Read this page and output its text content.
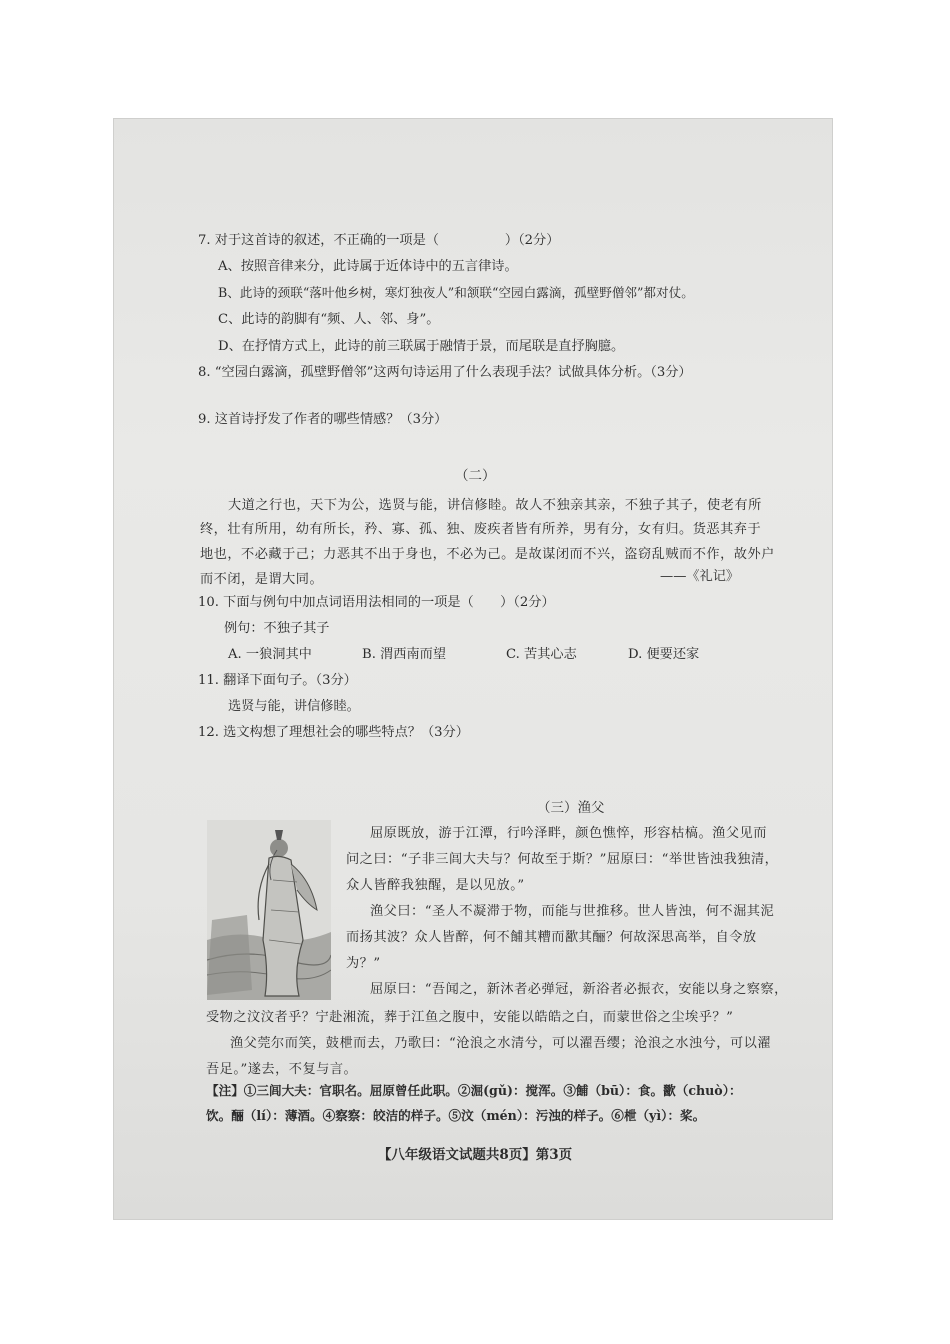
7. 对于这首诗的叙述，不正确的一项是（　　　　　）（2分）
A、按照音律来分，此诗属于近体诗中的五言律诗。
B、此诗的颈联“落叶他乡树，寒灯独夜人”和颔联“空园白露滴，孤壁野僧邻”都对仗。
C、此诗的韵脚有“频、人、邻、身”。
D、在抒情方式上，此诗的前三联属于融情于景，而尾联是直抒胸臆。
8. “空园白露滴，孤壁野僧邻”这两句诗运用了什么表现手法？试做具体分析。（3分）
9. 这首诗抒发了作者的哪些情感？（3分）
（二）
大道之行也，天下为公，选贤与能，讲信修睦。故人不独亲其亲，不独子其子，使老有所
终，壮有所用，幼有所长，矜、寡、孤、独、废疾者皆有所养，男有分，女有归。货恶其弃于
地也，不必藏于己；力恶其不出于身也，不必为己。是故谋闭而不兴，盗窃乱贼而不作，故外户
而不闭，是谓大同。	——《礼记》
10. 下面与例句中加点词语用法相同的一项是（　　）（2分）
例句：不独子其子
A. 一狼洞其中	B. 渭西南而望	C. 苦其心志	D. 便要还家
11. 翻译下面句子。（3分）
选贤与能，讲信修睦。
12. 选文构想了理想社会的哪些特点？（3分）
（三）渔父
屈原既放，游于江潭，行吟泽畔，颜色憔悴，形容枯槁。渔父见而
问之曰：“子非三闾大夫与？何故至于斯？”屈原曰：“举世皆浊我独清，
众人皆醉我独醒，是以见放。”
渔父曰：“圣人不凝滞于物，而能与世推移。世人皆浊，何不淈其泥
而扬其波？众人皆醉，何不餔其糟而歠其酾？何故深思高举，自令放
为？”
屈原曰：“吾闻之，新沐者必弹冠，新浴者必振衣，安能以身之察察，
受物之汶汶者乎？宁赴湘流，葬于江鱼之腹中，安能以皓皓之白，而蒙世俗之尘埃乎？”
渔父莞尔而笑，鼓枻而去，乃歌曰：“沧浪之水清兮，可以濯吾缨；沧浪之水浊兮，可以濯
吾足。”遂去，不复与言。
【注】①三闾大夫：官职名。屈原曾任此职。②淈(gǔ)：搅浑。③餔（bū）：食。歠（chuò）：
饮。酾（lí）：薄酒。④察察：皎洁的样子。⑤汶（mén）：污浊的样子。⑥枻（yì）：桨。
【八年级语文试题共8页】第3页
